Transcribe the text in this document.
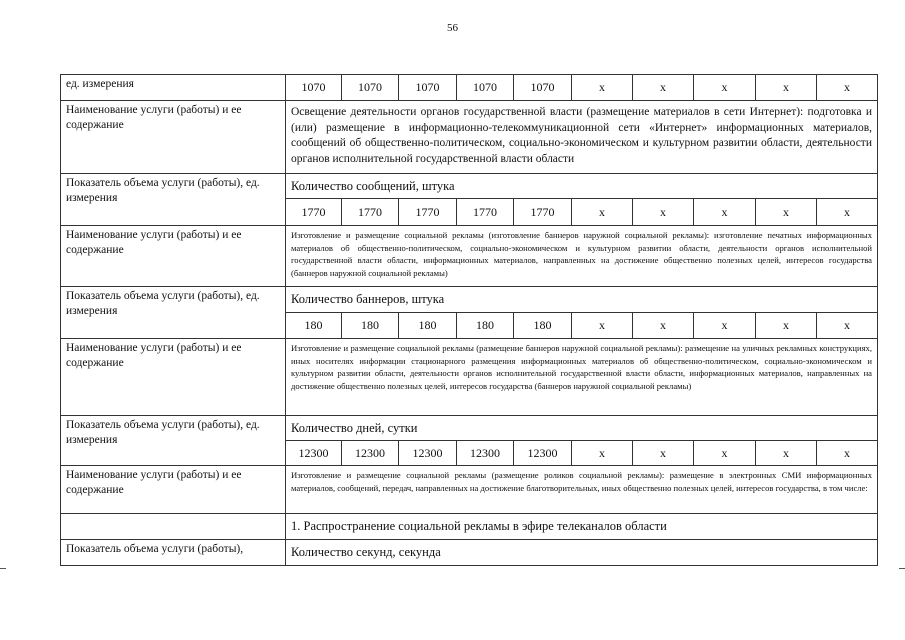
56
ед. измерения	1070	1070	1070	1070	1070	х	х	х	х	х
Наименование услуги (работы) и ее содержание	Освещение деятельности органов государственной власти (размещение материалов в сети Интернет): подготовка и (или) размещение в информационно-телекоммуникационной сети «Интернет» информационных материалов, сообщений об общественно-политическом, социально-экономическом и культурном развитии области, деятельности органов исполнительной государственной власти области									
Показатель объема услуги (работы), ед. измерения	Количество сообщений, штука									
	1770	1770	1770	1770	1770	х	х	х	х	х
Наименование услуги (работы) и ее содержание	Изготовление и размещение социальной рекламы (изготовление баннеров наружной социальной рекламы): изготовление печатных информационных материалов об общественно-политическом, социально-экономическом и культурном развитии области, деятельности органов исполнительной государственной власти области, информационных материалов, направленных на достижение общественно полезных целей, интересов государства (баннеров наружной социальной рекламы)									
Показатель объема услуги (работы), ед. измерения	Количество баннеров, штука									
	180	180	180	180	180	х	х	х	х	х
Наименование услуги (работы) и ее содержание	Изготовление и размещение социальной рекламы (размещение баннеров наружной социальной рекламы): размещение на уличных рекламных конструкциях, иных носителях информации стационарного размещения информационных материалов об общественно-политическом, социально-экономическом и культурном развитии области, деятельности органов исполнительной государственной власти области, информационных материалов, направленных на достижение общественно полезных целей, интересов государства (баннеров наружной социальной рекламы)									
Показатель объема услуги (работы), ед. измерения	Количество дней, сутки									
	12300	12300	12300	12300	12300	х	х	х	х	х
Наименование услуги (работы) и ее содержание	Изготовление и размещение социальной рекламы (размещение роликов социальной рекламы): размещение в электронных СМИ информационных материалов, сообщений, передач, направленных на достижение благотворительных, иных общественно полезных целей, интересов государства, в том числе:									
	1. Распространение социальной рекламы в эфире телеканалов области									
Показатель объема услуги (работы),	Количество секунд, секунда									
